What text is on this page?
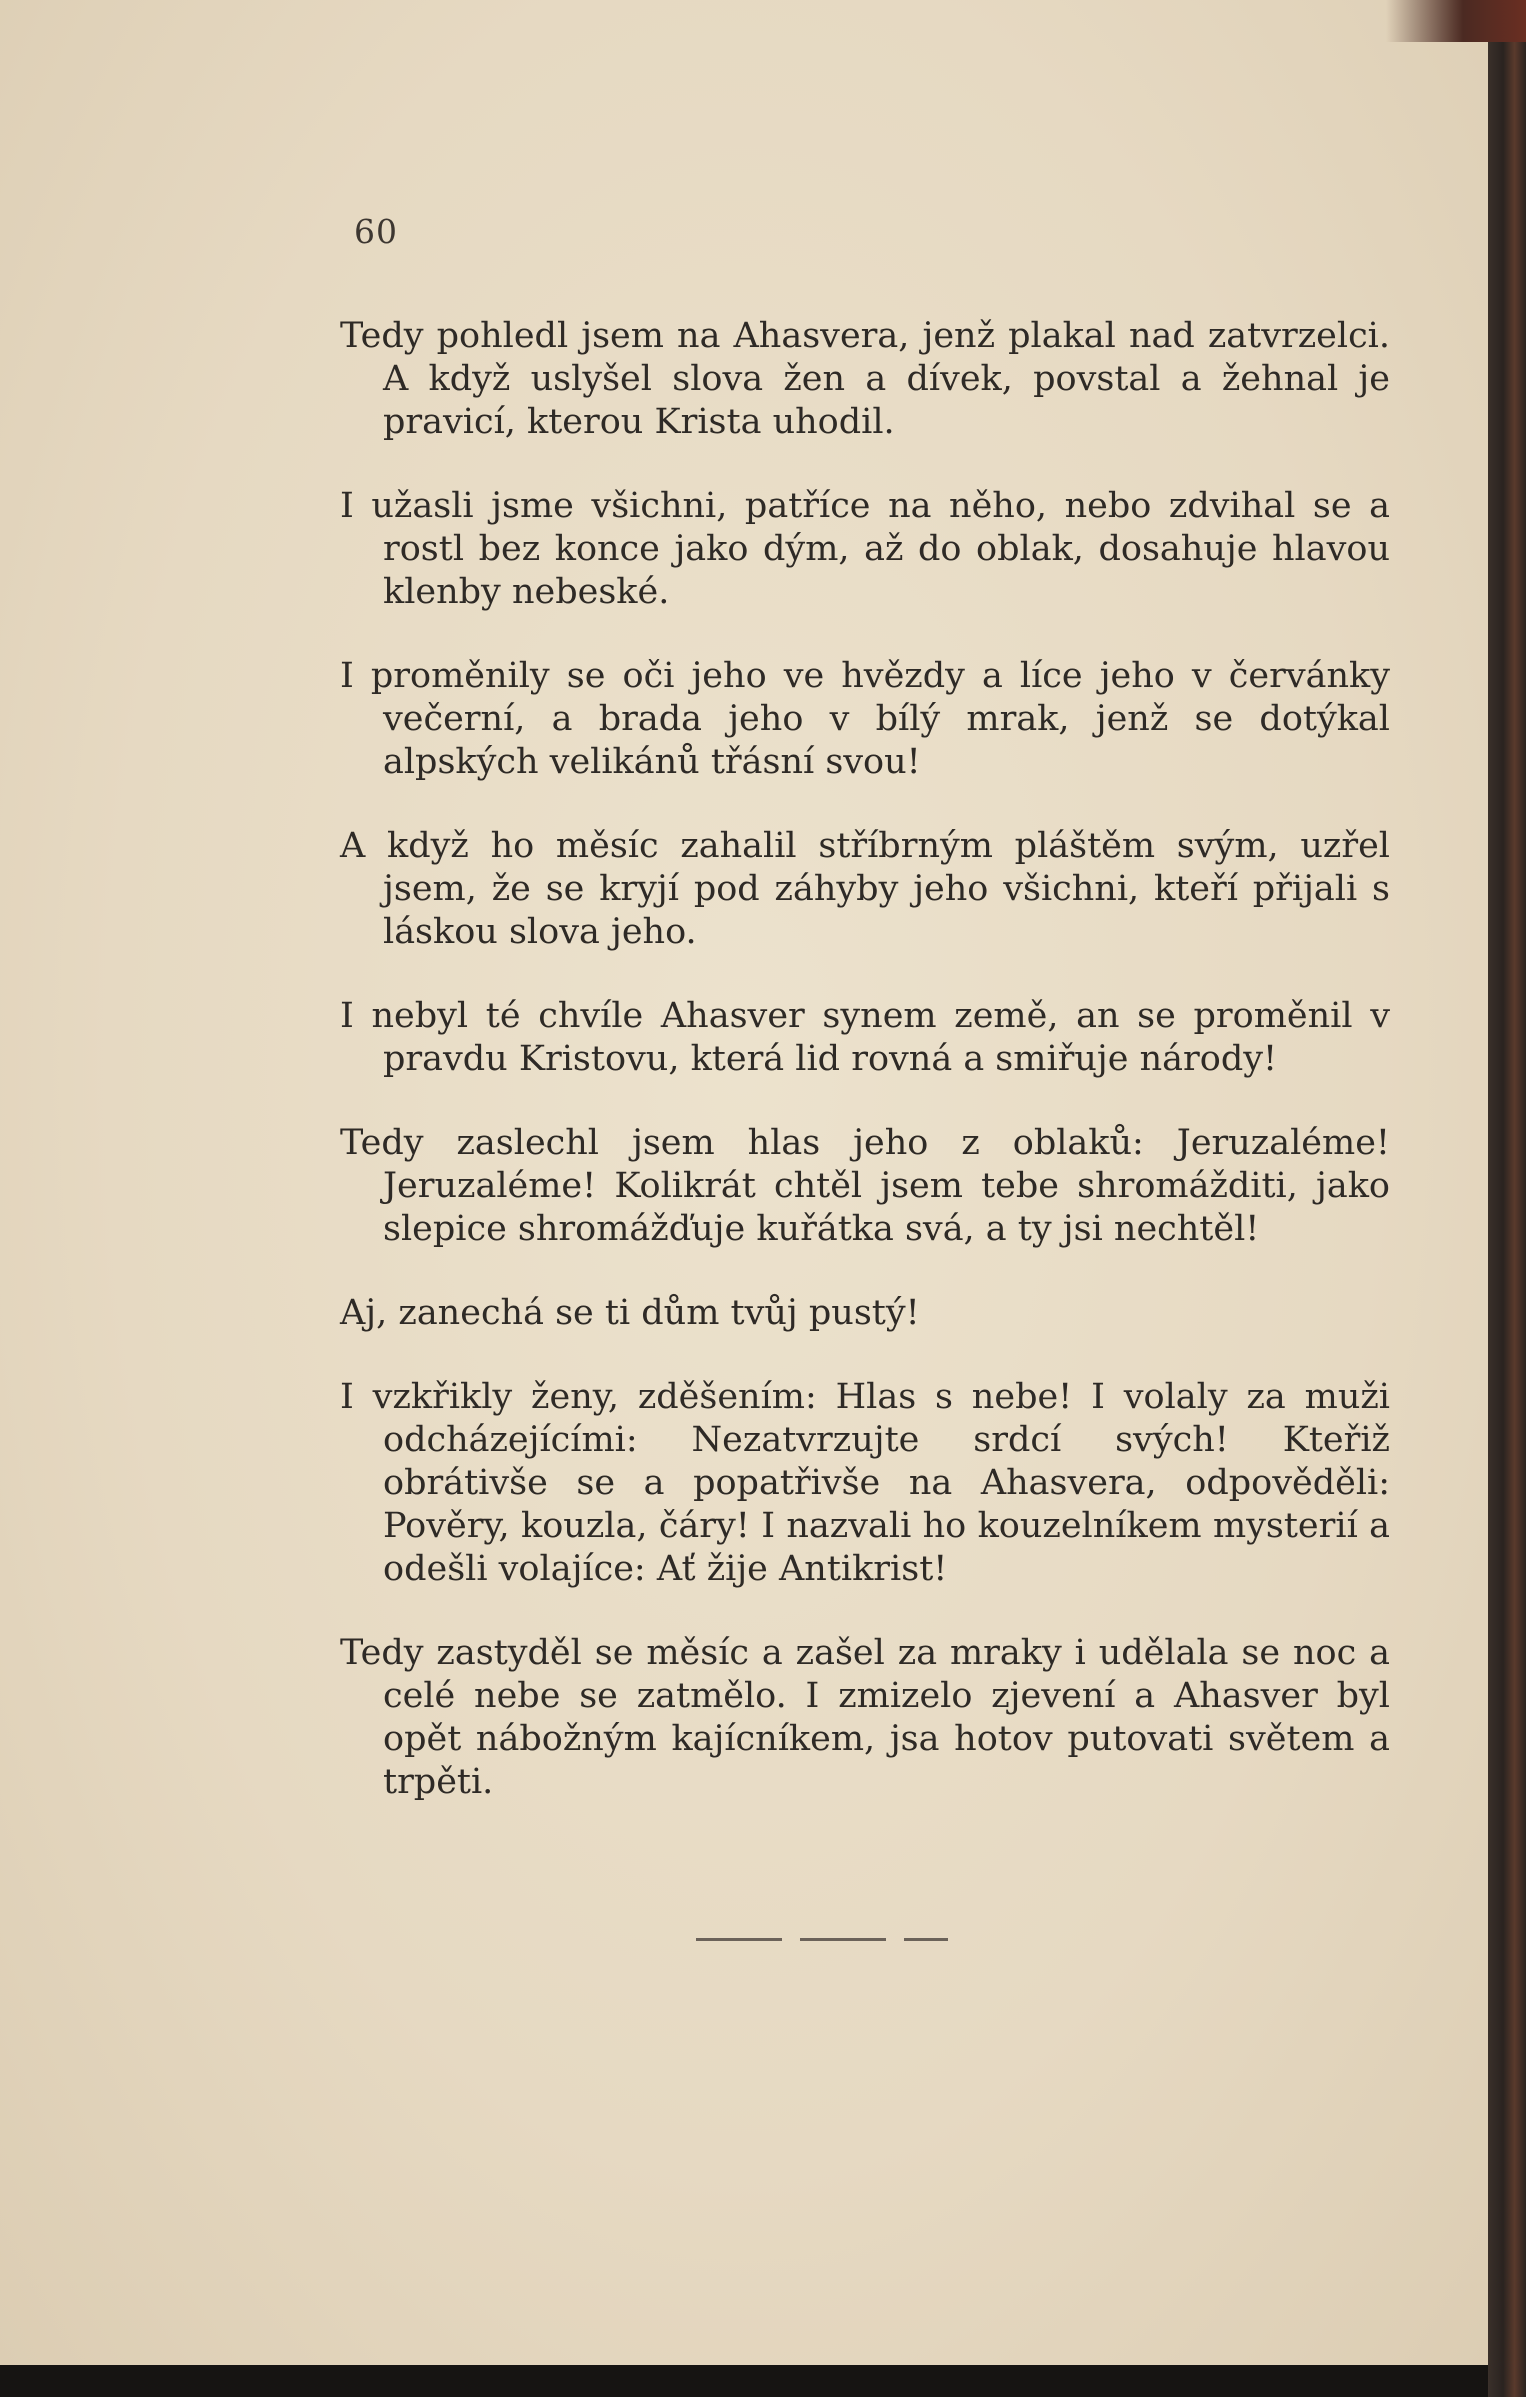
60

Tedy pohledl jsem na Ahasvera, jenž plakal nad zatvrzelci. A když uslyšel slova žen a dívek, povstal a žehnal je pravicí, kterou Krista uhodil.

I užasli jsme všichni, patříce na něho, nebo zdvihal se a rostl bez konce jako dým, až do oblak, dosahuje hlavou klenby nebeské.

I proměnily se oči jeho ve hvězdy a líce jeho v červánky večerní, a brada jeho v bílý mrak, jenž se dotýkal alpských velikánů třásní svou!

A když ho měsíc zahalil stříbrným pláštěm svým, uzřel jsem, že se kryjí pod záhyby jeho všichni, kteří přijali s láskou slova jeho.

I nebyl té chvíle Ahasver synem země, an se proměnil v pravdu Kristovu, která lid rovná a smiřuje národy!

Tedy zaslechl jsem hlas jeho z oblaků: Jeruzaléme! Jeruzaléme! Kolikrát chtěl jsem tebe shromážditi, jako slepice shromážďuje kuřátka svá, a ty jsi nechtěl!

Aj, zanechá se ti dům tvůj pustý!

I vzkřikly ženy, zděšením: Hlas s nebe! I volaly za muži odcházejícími: Nezatvrzujte srdcí svých! Kteřiž obrátivše se a popatřivše na Ahasvera, odpověděli: Pověry, kouzla, čáry! I nazvali ho kouzelníkem mysterií a odešli volajíce: Ať žije Antikrist!

Tedy zastyděl se měsíc a zašel za mraky i udělala se noc a celé nebe se zatmělo. I zmizelo zjevení a Ahasver byl opět nábožným kajícníkem, jsa hotov putovati světem a trpěti.
